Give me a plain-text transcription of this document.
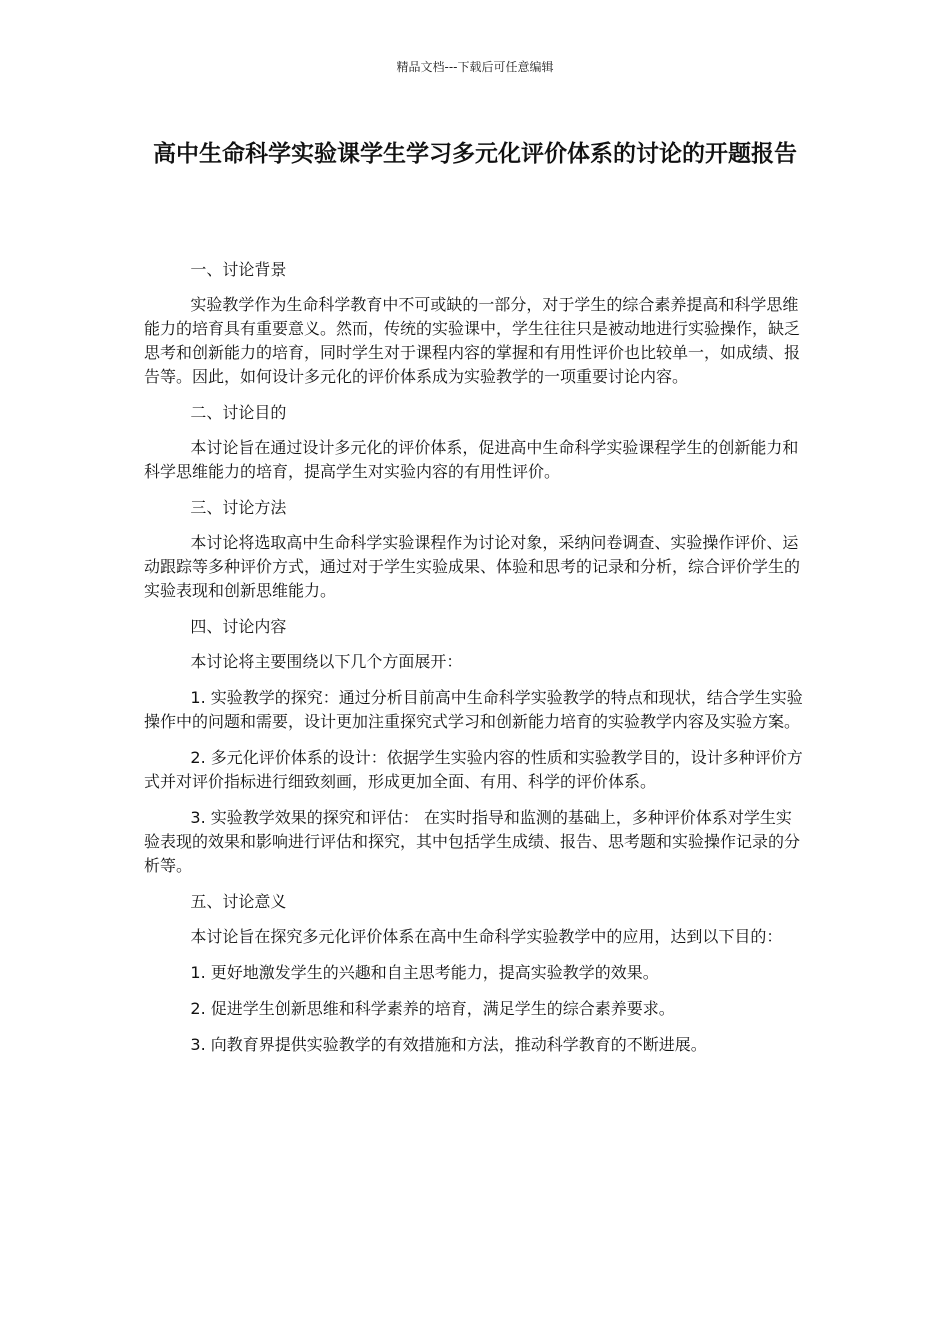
精品文档---下载后可任意编辑
高中生命科学实验课学生学习多元化评价体系的讨论的开题报告

一、讨论背景

实验教学作为生命科学教育中不可或缺的一部分，对于学生的综合素养提高和科学思维能力的培育具有重要意义。然而，传统的实验课中，学生往往只是被动地进行实验操作，缺乏思考和创新能力的培育，同时学生对于课程内容的掌握和有用性评价也比较单一，如成绩、报告等。因此，如何设计多元化的评价体系成为实验教学的一项重要讨论内容。

二、讨论目的

本讨论旨在通过设计多元化的评价体系，促进高中生命科学实验课程学生的创新能力和科学思维能力的培育，提高学生对实验内容的有用性评价。

三、讨论方法

本讨论将选取高中生命科学实验课程作为讨论对象，采纳问卷调查、实验操作评价、运动跟踪等多种评价方式，通过对于学生实验成果、体验和思考的记录和分析，综合评价学生的实验表现和创新思维能力。

四、讨论内容

本讨论将主要围绕以下几个方面展开：

1. 实验教学的探究：通过分析目前高中生命科学实验教学的特点和现状，结合学生实验操作中的问题和需要，设计更加注重探究式学习和创新能力培育的实验教学内容及实验方案。

2. 多元化评价体系的设计：依据学生实验内容的性质和实验教学目的，设计多种评价方式并对评价指标进行细致刻画，形成更加全面、有用、科学的评价体系。

3. 实验教学效果的探究和评估： 在实时指导和监测的基础上，多种评价体系对学生实验表现的效果和影响进行评估和探究，其中包括学生成绩、报告、思考题和实验操作记录的分析等。

五、讨论意义

本讨论旨在探究多元化评价体系在高中生命科学实验教学中的应用，达到以下目的：

1. 更好地激发学生的兴趣和自主思考能力，提高实验教学的效果。

2. 促进学生创新思维和科学素养的培育，满足学生的综合素养要求。

3. 向教育界提供实验教学的有效措施和方法，推动科学教育的不断进展。
